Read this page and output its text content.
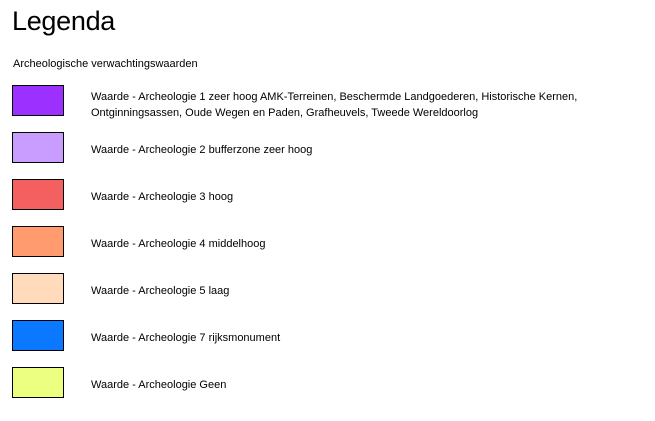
Legenda
Archeologische verwachtingswaarden
Waarde - Archeologie 1 zeer hoog AMK-Terreinen, Beschermde Landgoederen, Historische Kernen, Ontginningsassen, Oude Wegen en Paden, Grafheuvels, Tweede Wereldoorlog
Waarde - Archeologie 2 bufferzone zeer hoog
Waarde - Archeologie 3 hoog
Waarde - Archeologie 4 middelhoog
Waarde - Archeologie 5 laag
Waarde - Archeologie 7 rijksmonument
Waarde - Archeologie Geen
